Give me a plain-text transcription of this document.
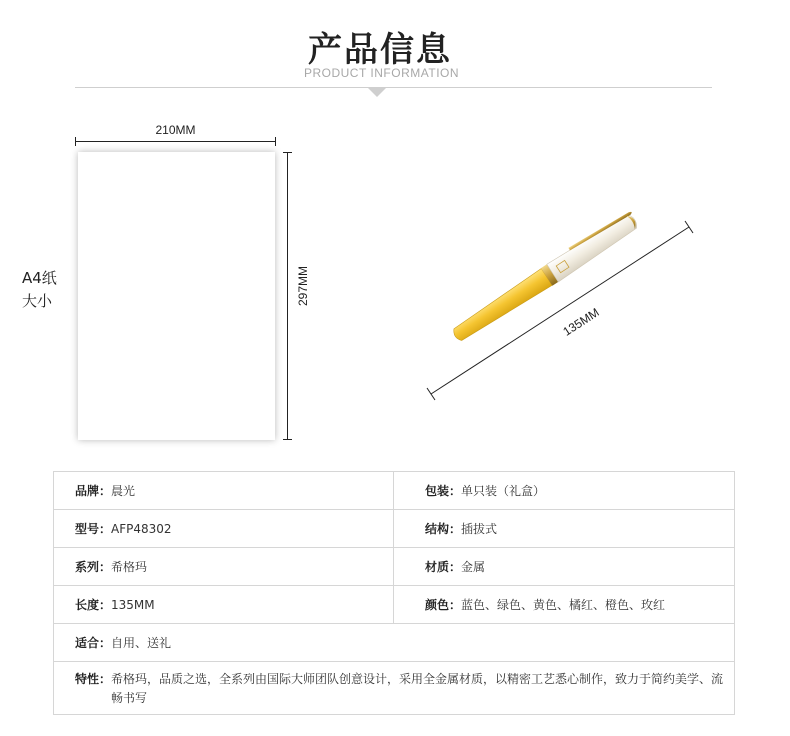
产品信息
PRODUCT INFORMATION
A4纸
大小
210MM
297MM
135MM
品牌： 晨光	包装： 单只装（礼盒）
型号： AFP48302	结构： 插拔式
系列： 希格玛	材质： 金属
长度： 135MM	颜色： 蓝色、绿色、黄色、橘红、橙色、玫红
适合： 自用、送礼
特性： 希格玛，品质之选，全系列由国际大师团队创意设计，采用全金属材质，以精密工艺悉心制作，致力于简约美学、流畅书写
